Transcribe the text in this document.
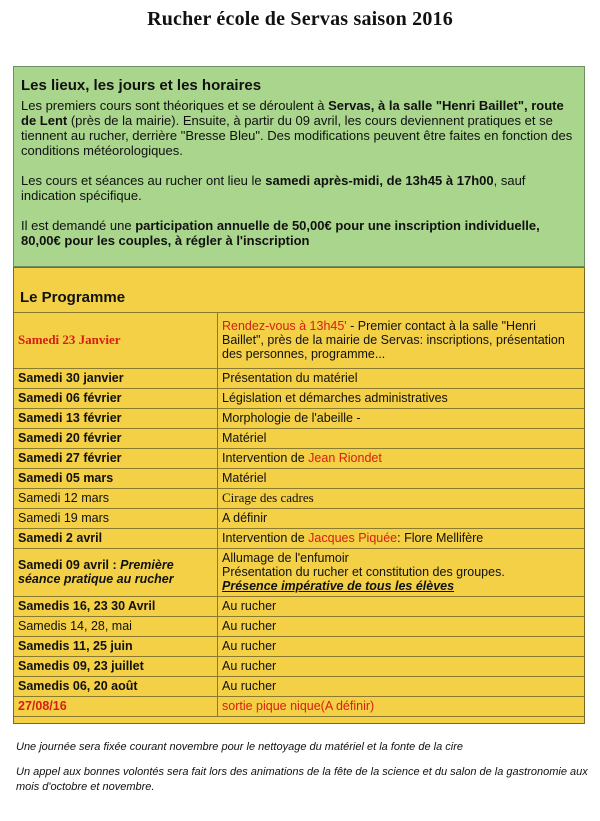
Rucher école de Servas saison 2016
Les lieux, les jours et les horaires

Les premiers cours sont théoriques et se déroulent à Servas, à la salle "Henri Baillet", route de Lent (près de la mairie). Ensuite, à partir du 09 avril, les cours deviennent pratiques et se tiennent au rucher, derrière "Bresse Bleu". Des modifications peuvent être faites en fonction des conditions météorologiques.

Les cours et séances au rucher ont lieu le samedi après-midi, de 13h45 à 17h00, sauf indication spécifique.

Il est demandé une participation annuelle de 50,00€ pour une inscription individuelle, 80,00€ pour les couples, à régler à l'inscription

Le Programme
Samedi 23 Janvier	Rendez-vous à 13h45' - Premier contact à la salle "Henri Baillet", près de la mairie de Servas: inscriptions, présentation des personnes, programme...
Samedi 30 janvier	Présentation du matériel
Samedi 06 février	Législation et démarches administratives
Samedi 13 février	Morphologie de l'abeille -
Samedi 20 février	Matériel
Samedi 27 février	Intervention de Jean Riondet
Samedi 05 mars	Matériel
Samedi 12 mars	Cirage des cadres
Samedi 19 mars	A définir
Samedi 2 avril	Intervention de Jacques Piquée: Flore Mellifère
Samedi 09 avril : Première séance pratique au rucher	Allumage de l'enfumoir
Présentation du rucher et constitution des groupes.
Présence impérative de tous les élèves

Samedis 16, 23 30 Avril	Au rucher
Samedis 14, 28, mai	Au rucher
Samedis 11, 25 juin	Au rucher
Samedis 09, 23 juillet	Au rucher
Samedis 06, 20 août	Au rucher
27/08/16	sortie pique nique(A définir)

Une journée sera fixée courant novembre pour le nettoyage du matériel et la fonte de la cire

Un appel aux bonnes volontés sera fait lors des animations de la fête de la science et du salon de la gastronomie aux mois d'octobre et novembre.
